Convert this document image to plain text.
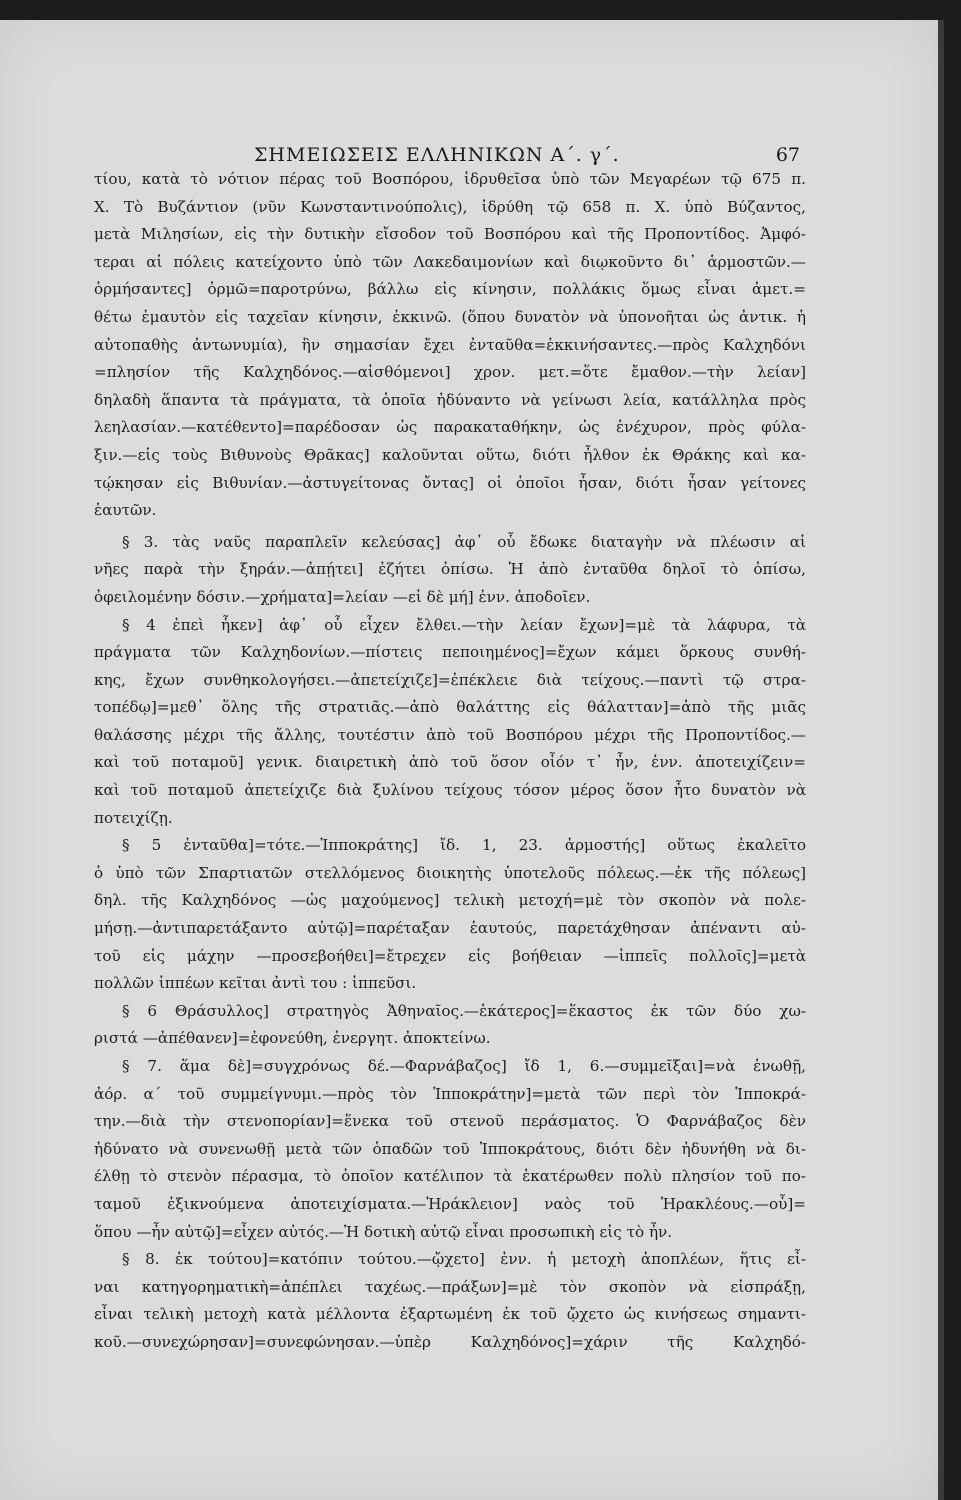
ΣΗΜΕΙΩΣΕΙΣ ΕΛΛΗΝΙΚΩΝ Α΄. γ΄.	67
τίου, κατὰ τὸ νότιον πέρας τοῦ Βοσπόρου, ἱδρυθεῖσα ὑπὸ τῶν Μεγαρέων τῷ 675 π.
Χ. Τὸ Βυζάντιον (νῦν Κωνσταντινούπολις), ἱδρύθη τῷ 658 π. Χ. ὑπὸ Βύζαντος,
μετὰ Μιλησίων, εἰς τὴν δυτικὴν εἴσοδον τοῦ Βοσπόρου καὶ τῆς Προποντίδος. Ἀμφό-
τεραι αἱ πόλεις κατείχοντο ὑπὸ τῶν Λακεδαιμονίων καὶ διῳκοῦντο δι᾽ ἁρμοστῶν.—
ὁρμήσαντες] ὁρμῶ=παροτρύνω, βάλλω εἰς κίνησιν, πολλάκις ὅμως εἶναι ἀμετ.=
θέτω ἐμαυτὸν εἰς ταχεῖαν κίνησιν, ἐκκινῶ. (ὅπου δυνατὸν νὰ ὑπονοῆται ὡς ἀντικ. ἡ
αὐτοπαθὴς ἀντωνυμία), ἣν σημασίαν ἔχει ἐνταῦθα=ἐκκινήσαντες.—πρὸς Καλχηδόνι
=πλησίον τῆς Καλχηδόνος.—αἰσθόμενοι] χρον. μετ.=ὅτε ἔμαθον.—τὴν λείαν]
δηλαδὴ ἅπαντα τὰ πράγματα, τὰ ὁποῖα ἠδύναντο νὰ γείνωσι λεία, κατάλληλα πρὸς
λεηλασίαν.—κατέθεντο]=παρέδοσαν ὡς παρακαταθήκην, ὡς ἐνέχυρον, πρὸς φύλα-
ξιν.—εἰς τοὺς Βιθυνοὺς Θρᾶκας] καλοῦνται οὕτω, διότι ἦλθον ἐκ Θράκης καὶ κα-
τῴκησαν εἰς Βιθυνίαν.—ἀστυγείτονας ὄντας] οἱ ὁποῖοι ἦσαν, διότι ἦσαν γείτονες
ἑαυτῶν.
§ 3. τὰς ναῦς παραπλεῖν κελεύσας] ἀφ᾽ οὗ ἔδωκε διαταγὴν νὰ πλέωσιν αἱ
νῆες παρὰ τὴν ξηράν.—ἀπῄτει] ἐζήτει ὀπίσω. Ἡ ἀπὸ ἐνταῦθα δηλοῖ τὸ ὀπίσω,
ὀφειλομένην δόσιν.—χρήματα]=λείαν —εἰ δὲ μή] ἐνν. ἀποδοῖεν.
§ 4 ἐπεὶ ἧκεν] ἀφ᾽ οὗ εἶχεν ἔλθει.—τὴν λείαν ἔχων]=μὲ τὰ λάφυρα, τὰ
πράγματα τῶν Καλχηδονίων.—πίστεις πεποιημένος]=ἔχων κάμει ὅρκους συνθή-
κης, ἔχων συνθηκολογήσει.—ἀπετείχιζε]=ἐπέκλειε διὰ τείχους.—παντὶ τῷ στρα-
τοπέδῳ]=μεθ᾽ ὅλης τῆς στρατιᾶς.—ἀπὸ θαλάττης εἰς θάλατταν]=ἀπὸ τῆς μιᾶς
θαλάσσης μέχρι τῆς ἄλλης, τουτέστιν ἀπὸ τοῦ Βοσπόρου μέχρι τῆς Προποντίδος.—
καὶ τοῦ ποταμοῦ] γενικ. διαιρετικὴ ἀπὸ τοῦ ὅσον οἷόν τ᾽ ἦν, ἐνν. ἀποτειχίζειν=
καὶ τοῦ ποταμοῦ ἀπετείχιζε διὰ ξυλίνου τείχους τόσον μέρος ὅσον ἦτο δυνατὸν νὰ
ποτειχίζῃ.
§ 5 ἐνταῦθα]=τότε.—Ἱπποκράτης] ἴδ. 1, 23. ἁρμοστής] οὕτως ἐκαλεῖτο
ὁ ὑπὸ τῶν Σπαρτιατῶν στελλόμενος διοικητὴς ὑποτελοῦς πόλεως.—ἐκ τῆς πόλεως]
δηλ. τῆς Καλχηδόνος —ὡς μαχούμενος] τελικὴ μετοχή=μὲ τὸν σκοπὸν νὰ πολε-
μήσῃ.—ἀντιπαρετάξαντο αὐτῷ]=παρέταξαν ἑαυτούς, παρετάχθησαν ἀπέναντι αὐ-
τοῦ εἰς μάχην —προσεβοήθει]=ἔτρεχεν εἰς βοήθειαν —ἱππεῖς πολλοῖς]=μετὰ
πολλῶν ἱππέων κεῖται ἀντὶ του : ἱππεῦσι.
§ 6 Θράσυλλος] στρατηγὸς Ἀθηναῖος.—ἑκάτερος]=ἕκαστος ἐκ τῶν δύο χω-
ριστά —ἀπέθανεν]=ἐφονεύθη, ἐνεργητ. ἀποκτείνω.
§ 7. ἅμα δὲ]=συγχρόνως δέ.—Φαρνάβαζος] ἴδ 1, 6.—συμμεῖξαι]=νὰ ἑνωθῇ,
ἀόρ. α΄ τοῦ συμμείγνυμι.—πρὸς τὸν Ἱπποκράτην]=μετὰ τῶν περὶ τὸν Ἱπποκρά-
την.—διὰ τὴν στενοπορίαν]=ἕνεκα τοῦ στενοῦ περάσματος. Ὁ Φαρνάβαζος δὲν
ἠδύνατο νὰ συνενωθῇ μετὰ τῶν ὁπαδῶν τοῦ Ἱπποκράτους, διότι δὲν ἠδυνήθη νὰ δι-
έλθῃ τὸ στενὸν πέρασμα, τὸ ὁποῖον κατέλιπον τὰ ἑκατέρωθεν πολὺ πλησίον τοῦ πο-
ταμοῦ ἐξικνούμενα ἀποτειχίσματα.—Ἡράκλειον] ναὸς τοῦ Ἡρακλέους.—οὗ]=
ὅπου —ἦν αὐτῷ]=εἶχεν αὐτός.—Ἡ δοτικὴ αὐτῷ εἶναι προσωπικὴ εἰς τὸ ἦν.
§ 8. ἐκ τούτου]=κατόπιν τούτου.—ᾤχετο] ἐνν. ἡ μετοχὴ ἀποπλέων, ἥτις εἶ-
ναι κατηγορηματικὴ=ἀπέπλει ταχέως.—πράξων]=μὲ τὸν σκοπὸν νὰ εἰσπράξῃ,
εἶναι τελικὴ μετοχὴ κατὰ μέλλοντα ἐξαρτωμένη ἐκ τοῦ ᾤχετο ὡς κινήσεως σημαντι-
κοῦ.—συνεχώρησαν]=συνεφώνησαν.—ὑπὲρ Καλχηδόνος]=χάριν τῆς Καλχηδό-
